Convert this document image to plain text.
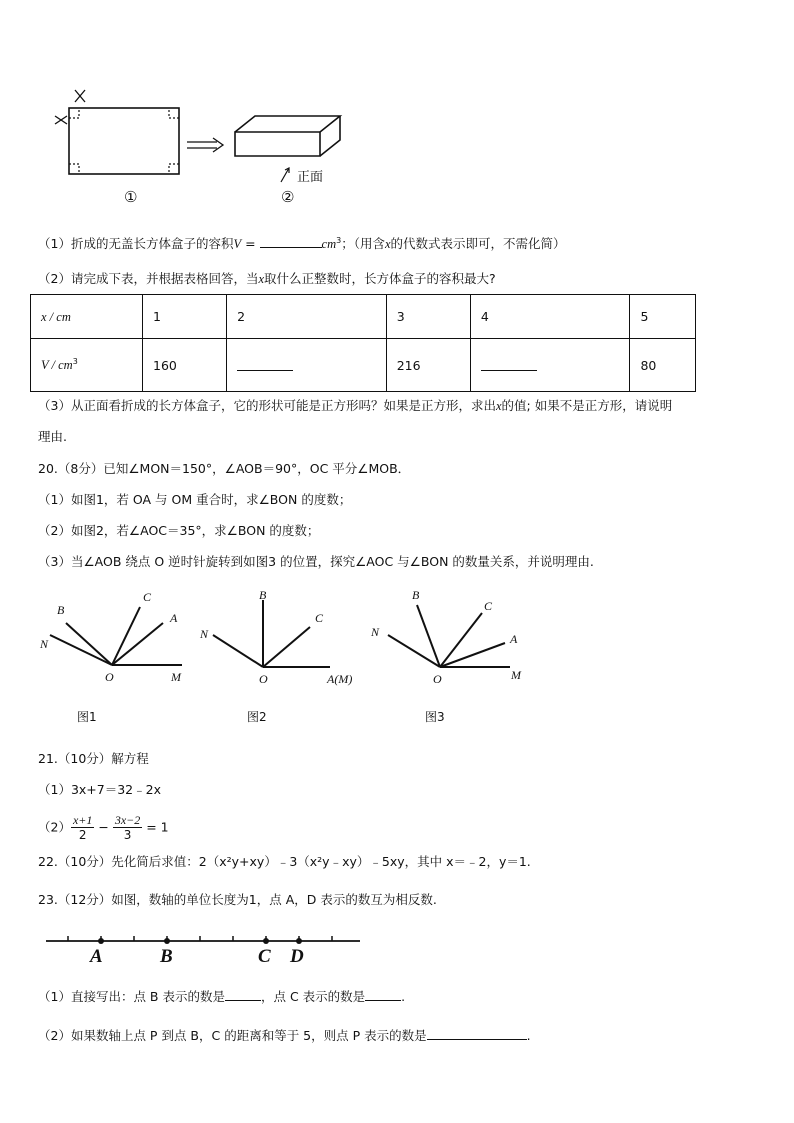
正面
①	②
（1）折成的无盖长方体盒子的容积V =	$cm^3$；（用含x的代数式表示即可，不需化简）
（2）请完成下表，并根据表格回答，当x取什么正整数时，长方体盒子的容积最大?
x / cm	1	2	3	4	5
V / $cm^3$	160		216		80
（3）从正面看折成的长方体盒子，它的形状可能是正方形吗？如果是正方形，求出x的值; 如果不是正方形，请说明
理由.
20.（8分）已知∠MON＝150°，∠AOB＝90°，OC 平分∠MOB．
（1）如图1，若 OA 与 OM 重合时，求∠BON 的度数；
（2）如图2，若∠AOC＝35°，求∠BON 的度数；
（3）当∠AOB 绕点 O 逆时针旋转到如图3 的位置，探究∠AOC 与∠BON 的数量关系，并说明理由.
B
C
A
N
O	M
图1
B
C
N
O	A(M)
图2
B
C
A
N
O	M
图3
21.（10分）解方程
（1）3x+7＝32﹣2x
$(2) \frac{x+1}{2} - \frac{3x-2}{3} = 1$
22.（10分）先化简后求值：2（x²y+xy）﹣3（x²y﹣xy）﹣5xy，其中 x＝﹣2，y＝1.
23.（12分）如图，数轴的单位长度为1，点 A，D 表示的数互为相反数.
A	B	C D
（1）直接写出：点 B 表示的数是	，点 C 表示的数是	.
（2）如果数轴上点 P 到点 B，C 的距离和等于 5，则点 P 表示的数是	.
